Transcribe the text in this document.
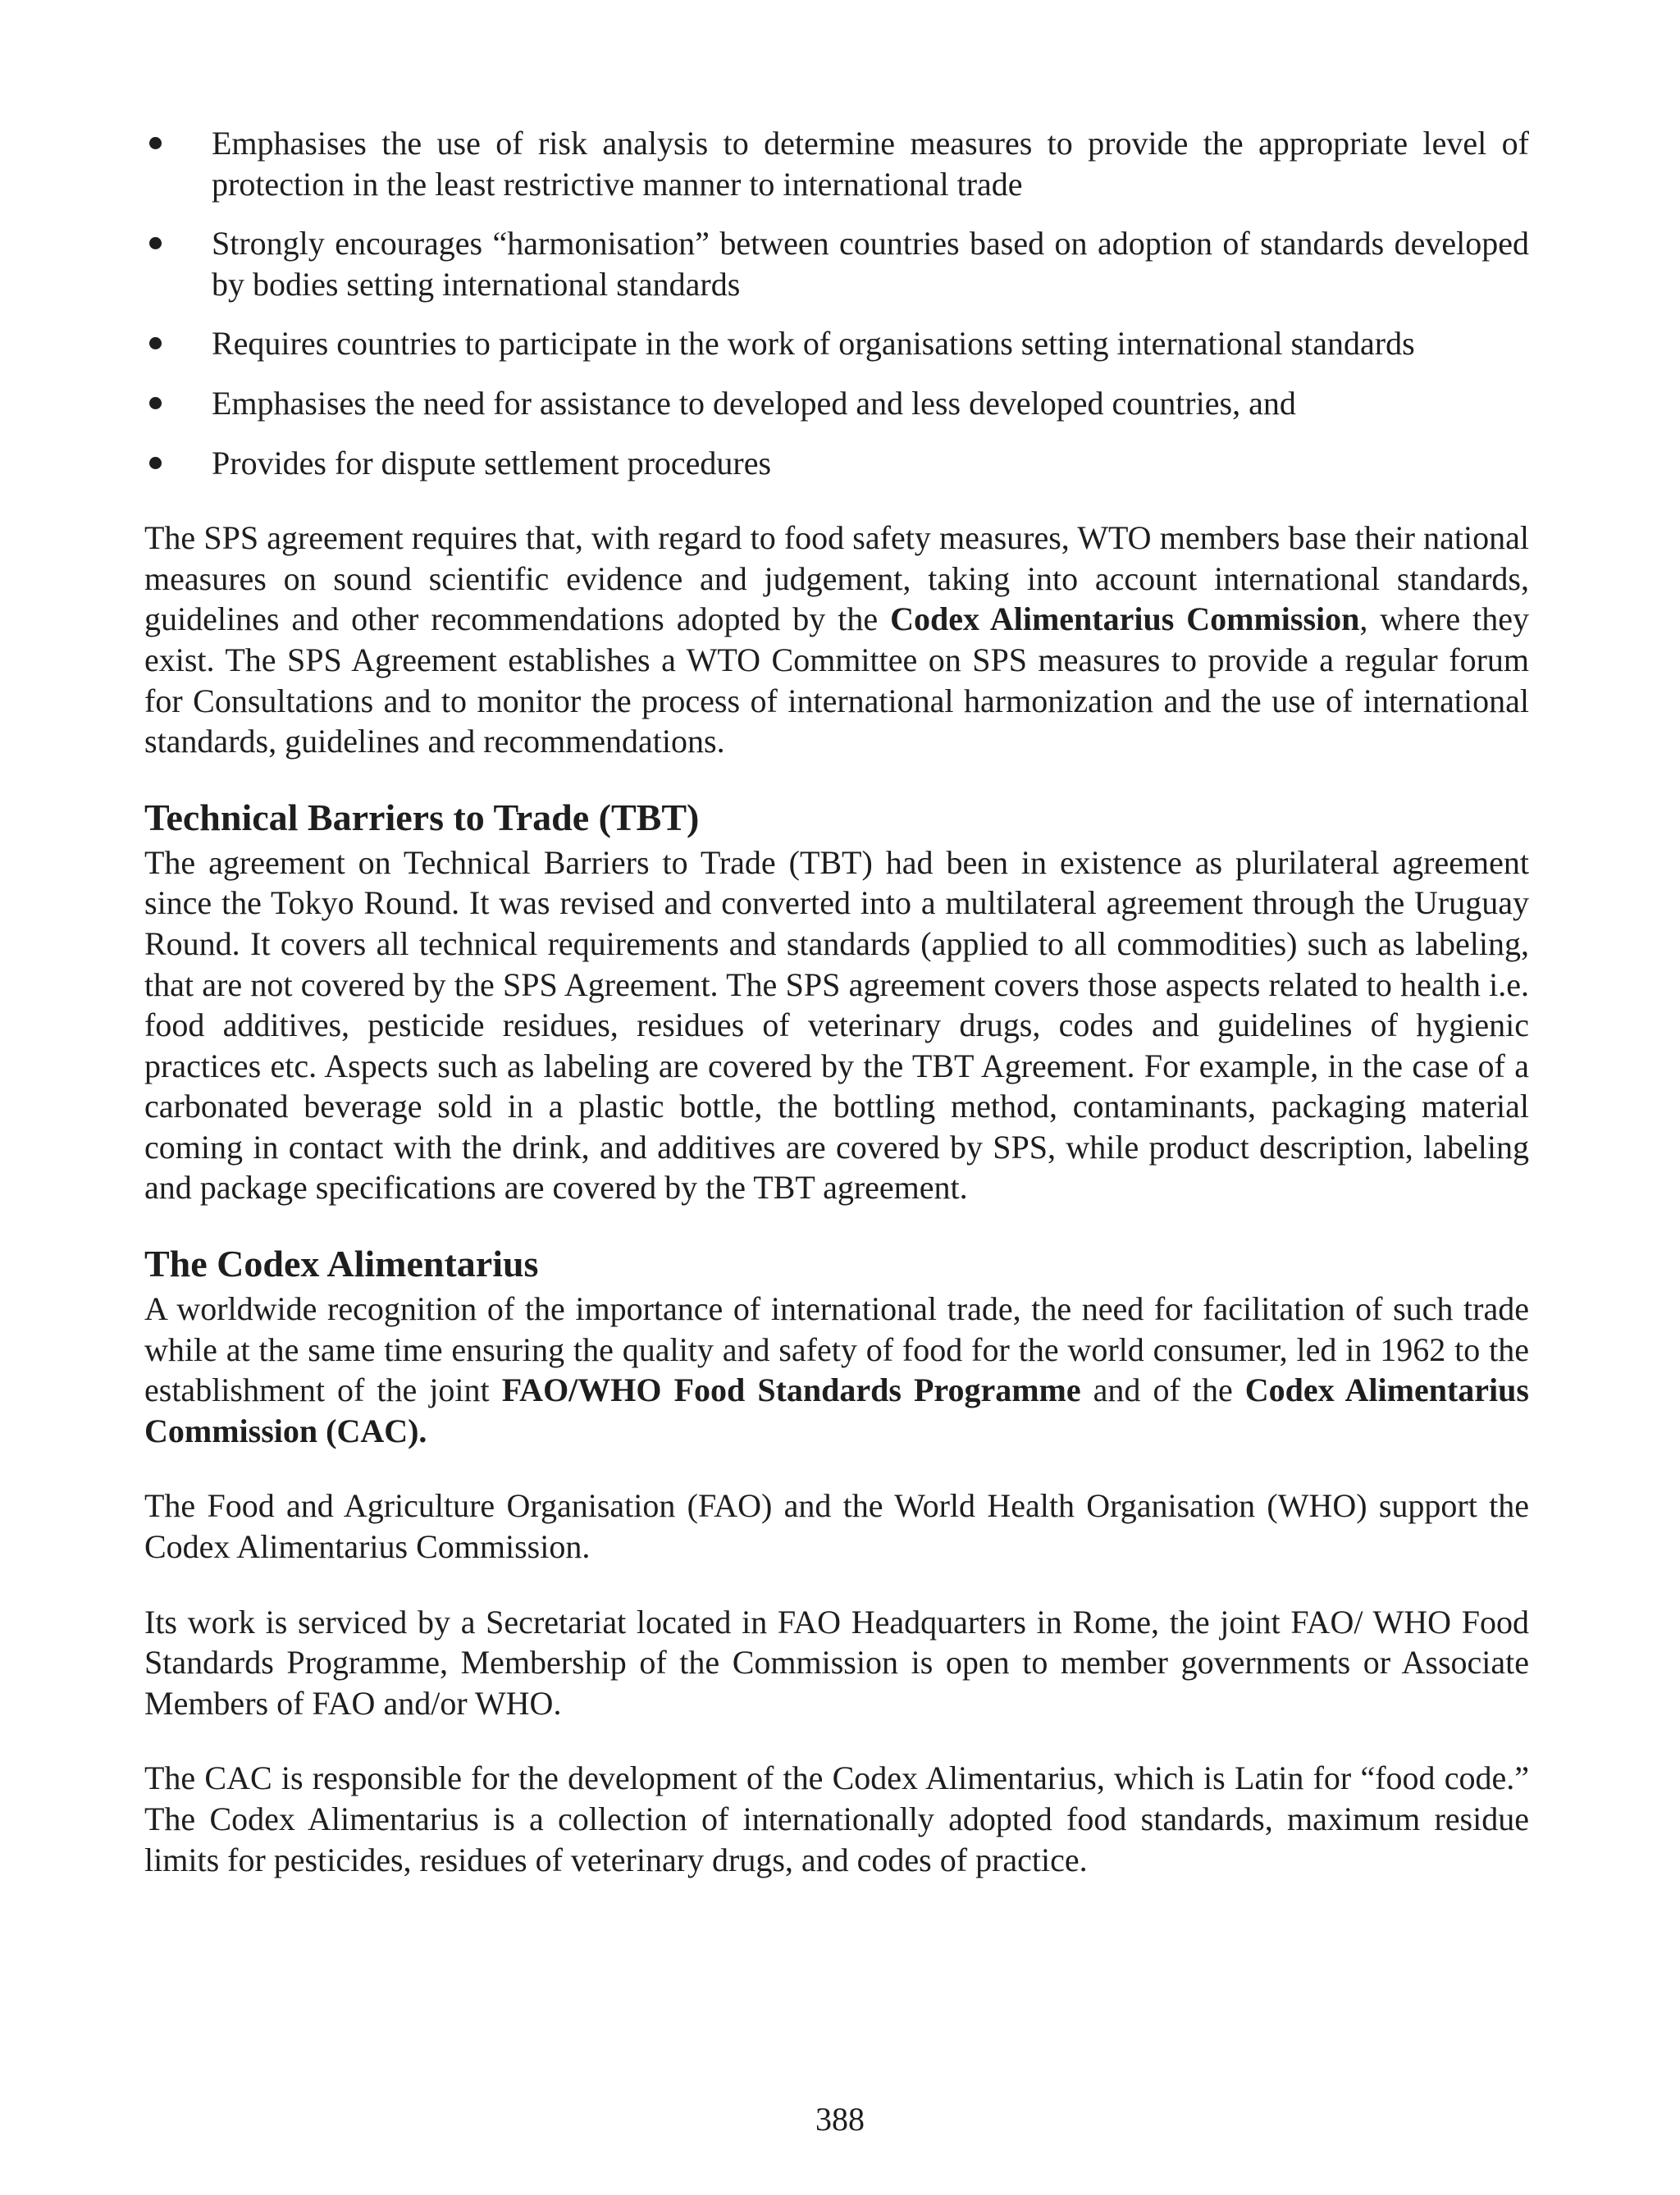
Emphasises the use of risk analysis to determine measures to provide the appropriate level of protection in the least restrictive manner to international trade
Strongly encourages “harmonisation” between countries based on adoption of standards developed by bodies setting international standards
Requires countries to participate in the work of organisations setting international standards
Emphasises the need for assistance to developed and less developed countries, and
Provides for dispute settlement procedures

The SPS agreement requires that, with regard to food safety measures, WTO members base their national measures on sound scientific evidence and judgement, taking into account international standards, guidelines and other recommendations adopted by the Codex Alimentarius Commission, where they exist. The SPS Agreement establishes a WTO Committee on SPS measures to provide a regular forum for Consultations and to monitor the process of international harmonization and the use of international standards, guidelines and recommendations.

Technical Barriers to Trade (TBT)

The agreement on Technical Barriers to Trade (TBT) had been in existence as plurilateral agreement since the Tokyo Round. It was revised and converted into a multilateral agreement through the Uruguay Round. It covers all technical requirements and standards (applied to all commodities) such as labeling, that are not covered by the SPS Agreement. The SPS agreement covers those aspects related to health i.e. food additives, pesticide residues, residues of veterinary drugs, codes and guidelines of hygienic practices etc. Aspects such as labeling are covered by the TBT Agreement. For example, in the case of a carbonated beverage sold in a plastic bottle, the bottling method, contaminants, packaging material coming in contact with the drink, and additives are covered by SPS, while product description, labeling and package specifications are covered by the TBT agreement.

The Codex Alimentarius

A worldwide recognition of the importance of international trade, the need for facilitation of such trade while at the same time ensuring the quality and safety of food for the world consumer, led in 1962 to the establishment of the joint FAO/WHO Food Standards Programme and of the Codex Alimentarius Commission (CAC).

The Food and Agriculture Organisation (FAO) and the World Health Organisation (WHO) support the Codex Alimentarius Commission.

Its work is serviced by a Secretariat located in FAO Headquarters in Rome, the joint FAO/ WHO Food Standards Programme, Membership of the Commission is open to member governments or Associate Members of FAO and/or WHO.

The CAC is responsible for the development of the Codex Alimentarius, which is Latin for “food code.” The Codex Alimentarius is a collection of internationally adopted food standards, maximum residue limits for pesticides, residues of veterinary drugs, and codes of practice.

388
